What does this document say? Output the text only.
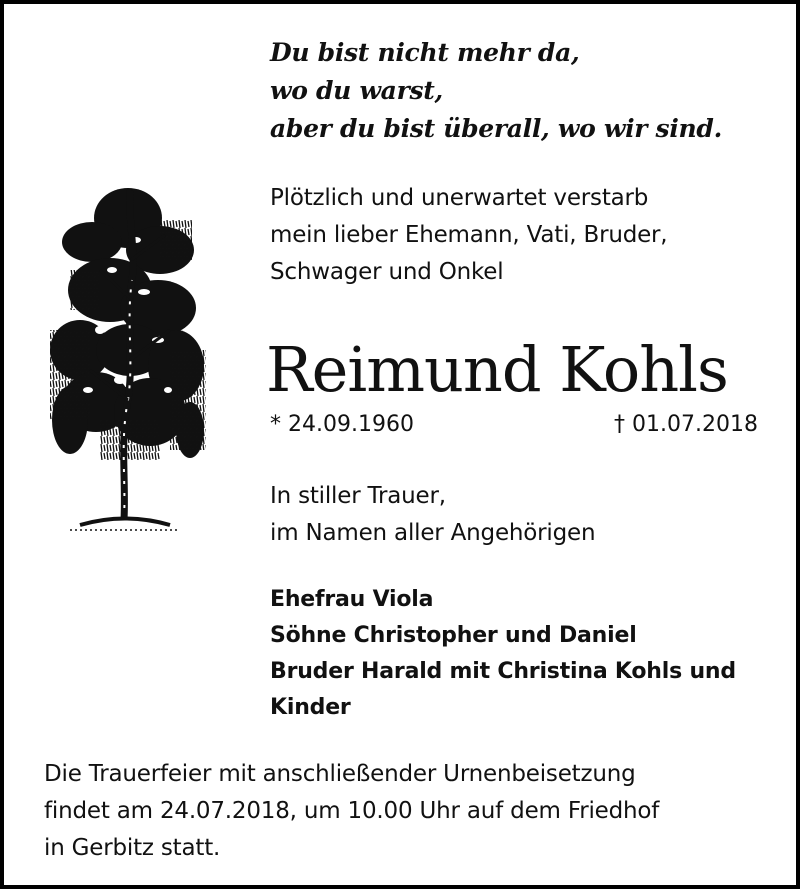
Du bist nicht mehr da,
wo du warst,
aber du bist überall, wo wir sind.
Plötzlich und unerwartet verstarb
mein lieber Ehemann, Vati, Bruder,
Schwager und Onkel
Reimund Kohls
* 24.09.1960	† 01.07.2018
In stiller Trauer,
im Namen aller Angehörigen
Ehefrau Viola
Söhne Christopher und Daniel
Bruder Harald mit Christina Kohls und
Kinder
Die Trauerfeier mit anschließender Urnenbeisetzung
findet am 24.07.2018, um 10.00 Uhr auf dem Friedhof
in Gerbitz statt.
